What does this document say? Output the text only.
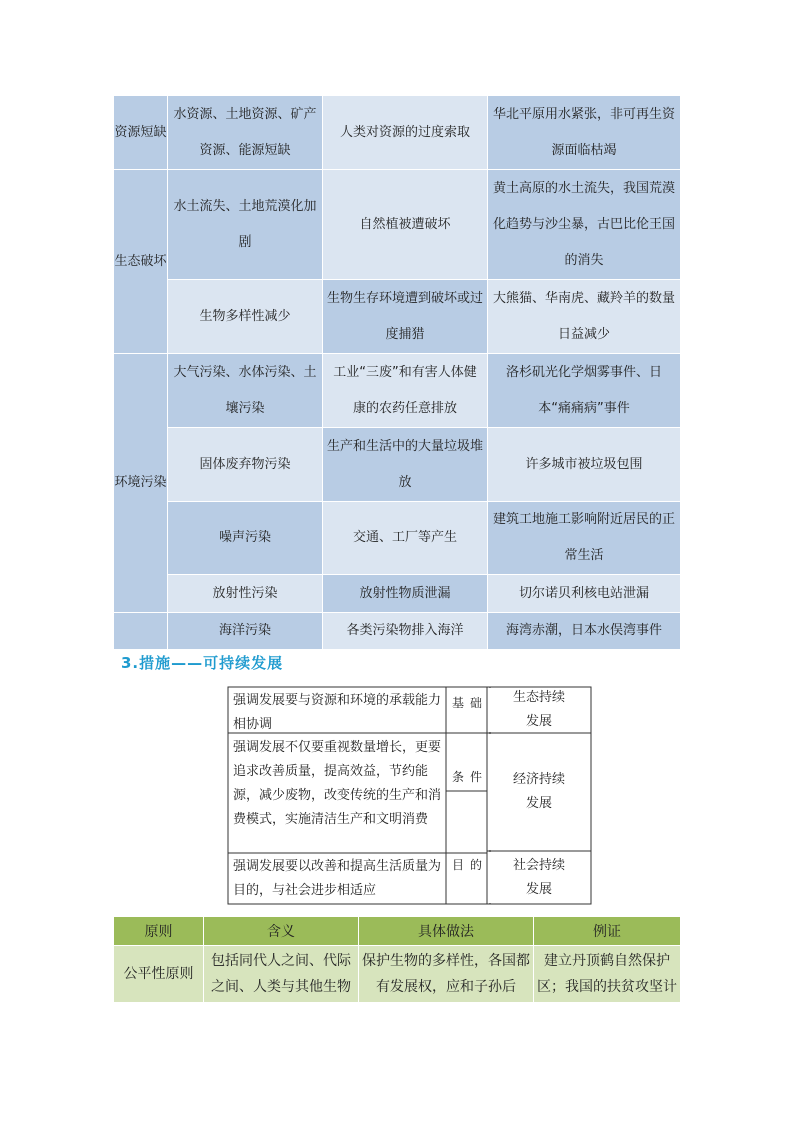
资源短缺	水资源、土地资源、矿产资源、能源短缺	人类对资源的过度索取	华北平原用水紧张，非可再生资源面临枯竭
生态破坏	水土流失、土地荒漠化加剧	自然植被遭破坏	黄土高原的水土流失，我国荒漠化趋势与沙尘暴，古巴比伦王国的消失
	生物多样性减少	生物生存环境遭到破坏或过度捕猎	大熊猫、华南虎、藏羚羊的数量日益减少
环境污染	大气污染、水体污染、土壤污染	工业“三废”和有害人体健康的农药任意排放	洛杉矶光化学烟雾事件、日本“痛痛病”事件
	固体废弃物污染	生产和生活中的大量垃圾堆放	许多城市被垃圾包围
	噪声污染	交通、工厂等产生	建筑工地施工影响附近居民的正常生活
	放射性污染	放射性物质泄漏	切尔诺贝利核电站泄漏
	海洋污染	各类污染物排入海洋	海湾赤潮，日本水俣湾事件
3.措施——可持续发展
强调发展要与资源和环境的承载能力相协调
强调发展不仅要重视数量增长，更要追求改善质量，提高效益，节约能源，减少废物，改变传统的生产和消费模式，实施清洁生产和文明消费
强调发展要以改善和提高生活质量为目的，与社会进步相适应
基础
条件
目的
生态持续发展
经济持续发展
社会持续发展
原则	含义	具体做法	例证
公平性原则	包括同代人之间、代际之间、人类与其他生物	保护生物的多样性，各国都有发展权，应和子孙后	建立丹顶鹤自然保护区；我国的扶贫攻坚计
